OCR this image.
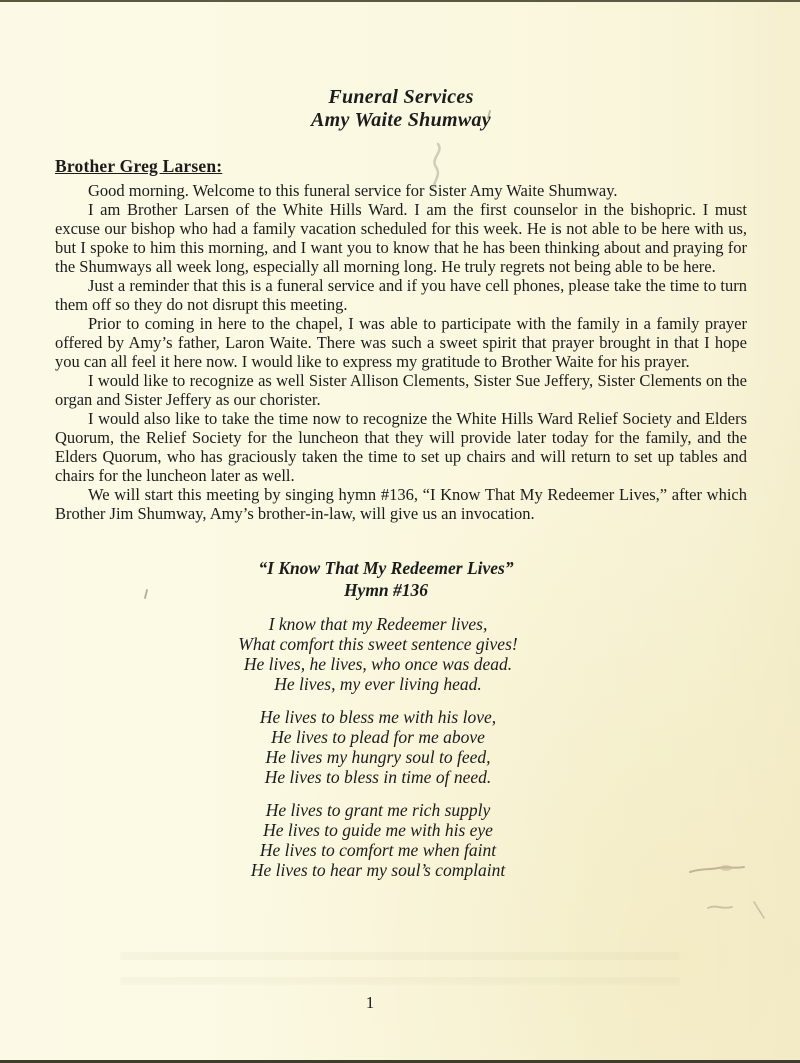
Funeral Services
Amy Waite Shumway
Brother Greg Larsen:

Good morning. Welcome to this funeral service for Sister Amy Waite Shumway.

I am Brother Larsen of the White Hills Ward. I am the first counselor in the bishopric. I must excuse our bishop who had a family vacation scheduled for this week. He is not able to be here with us, but I spoke to him this morning, and I want you to know that he has been thinking about and praying for the Shumways all week long, especially all morning long. He truly regrets not being able to be here.

Just a reminder that this is a funeral service and if you have cell phones, please take the time to turn them off so they do not disrupt this meeting.

Prior to coming in here to the chapel, I was able to participate with the family in a family prayer offered by Amy’s father, Laron Waite. There was such a sweet spirit that prayer brought in that I hope you can all feel it here now. I would like to express my gratitude to Brother Waite for his prayer.

I would like to recognize as well Sister Allison Clements, Sister Sue Jeffery, Sister Clements on the organ and Sister Jeffery as our chorister.

I would also like to take the time now to recognize the White Hills Ward Relief Society and Elders Quorum, the Relief Society for the luncheon that they will provide later today for the family, and the Elders Quorum, who has graciously taken the time to set up chairs and will return to set up tables and chairs for the luncheon later as well.

We will start this meeting by singing hymn #136, “I Know That My Redeemer Lives,” after which Brother Jim Shumway, Amy’s brother-in-law, will give us an invocation.

“I Know That My Redeemer Lives”
Hymn #136
I know that my Redeemer lives,
What comfort this sweet sentence gives!
He lives, he lives, who once was dead.
He lives, my ever living head.
He lives to bless me with his love,
He lives to plead for me above
He lives my hungry soul to feed,
He lives to bless in time of need.
He lives to grant me rich supply
He lives to guide me with his eye
He lives to comfort me when faint
He lives to hear my soul’s complaint
1
